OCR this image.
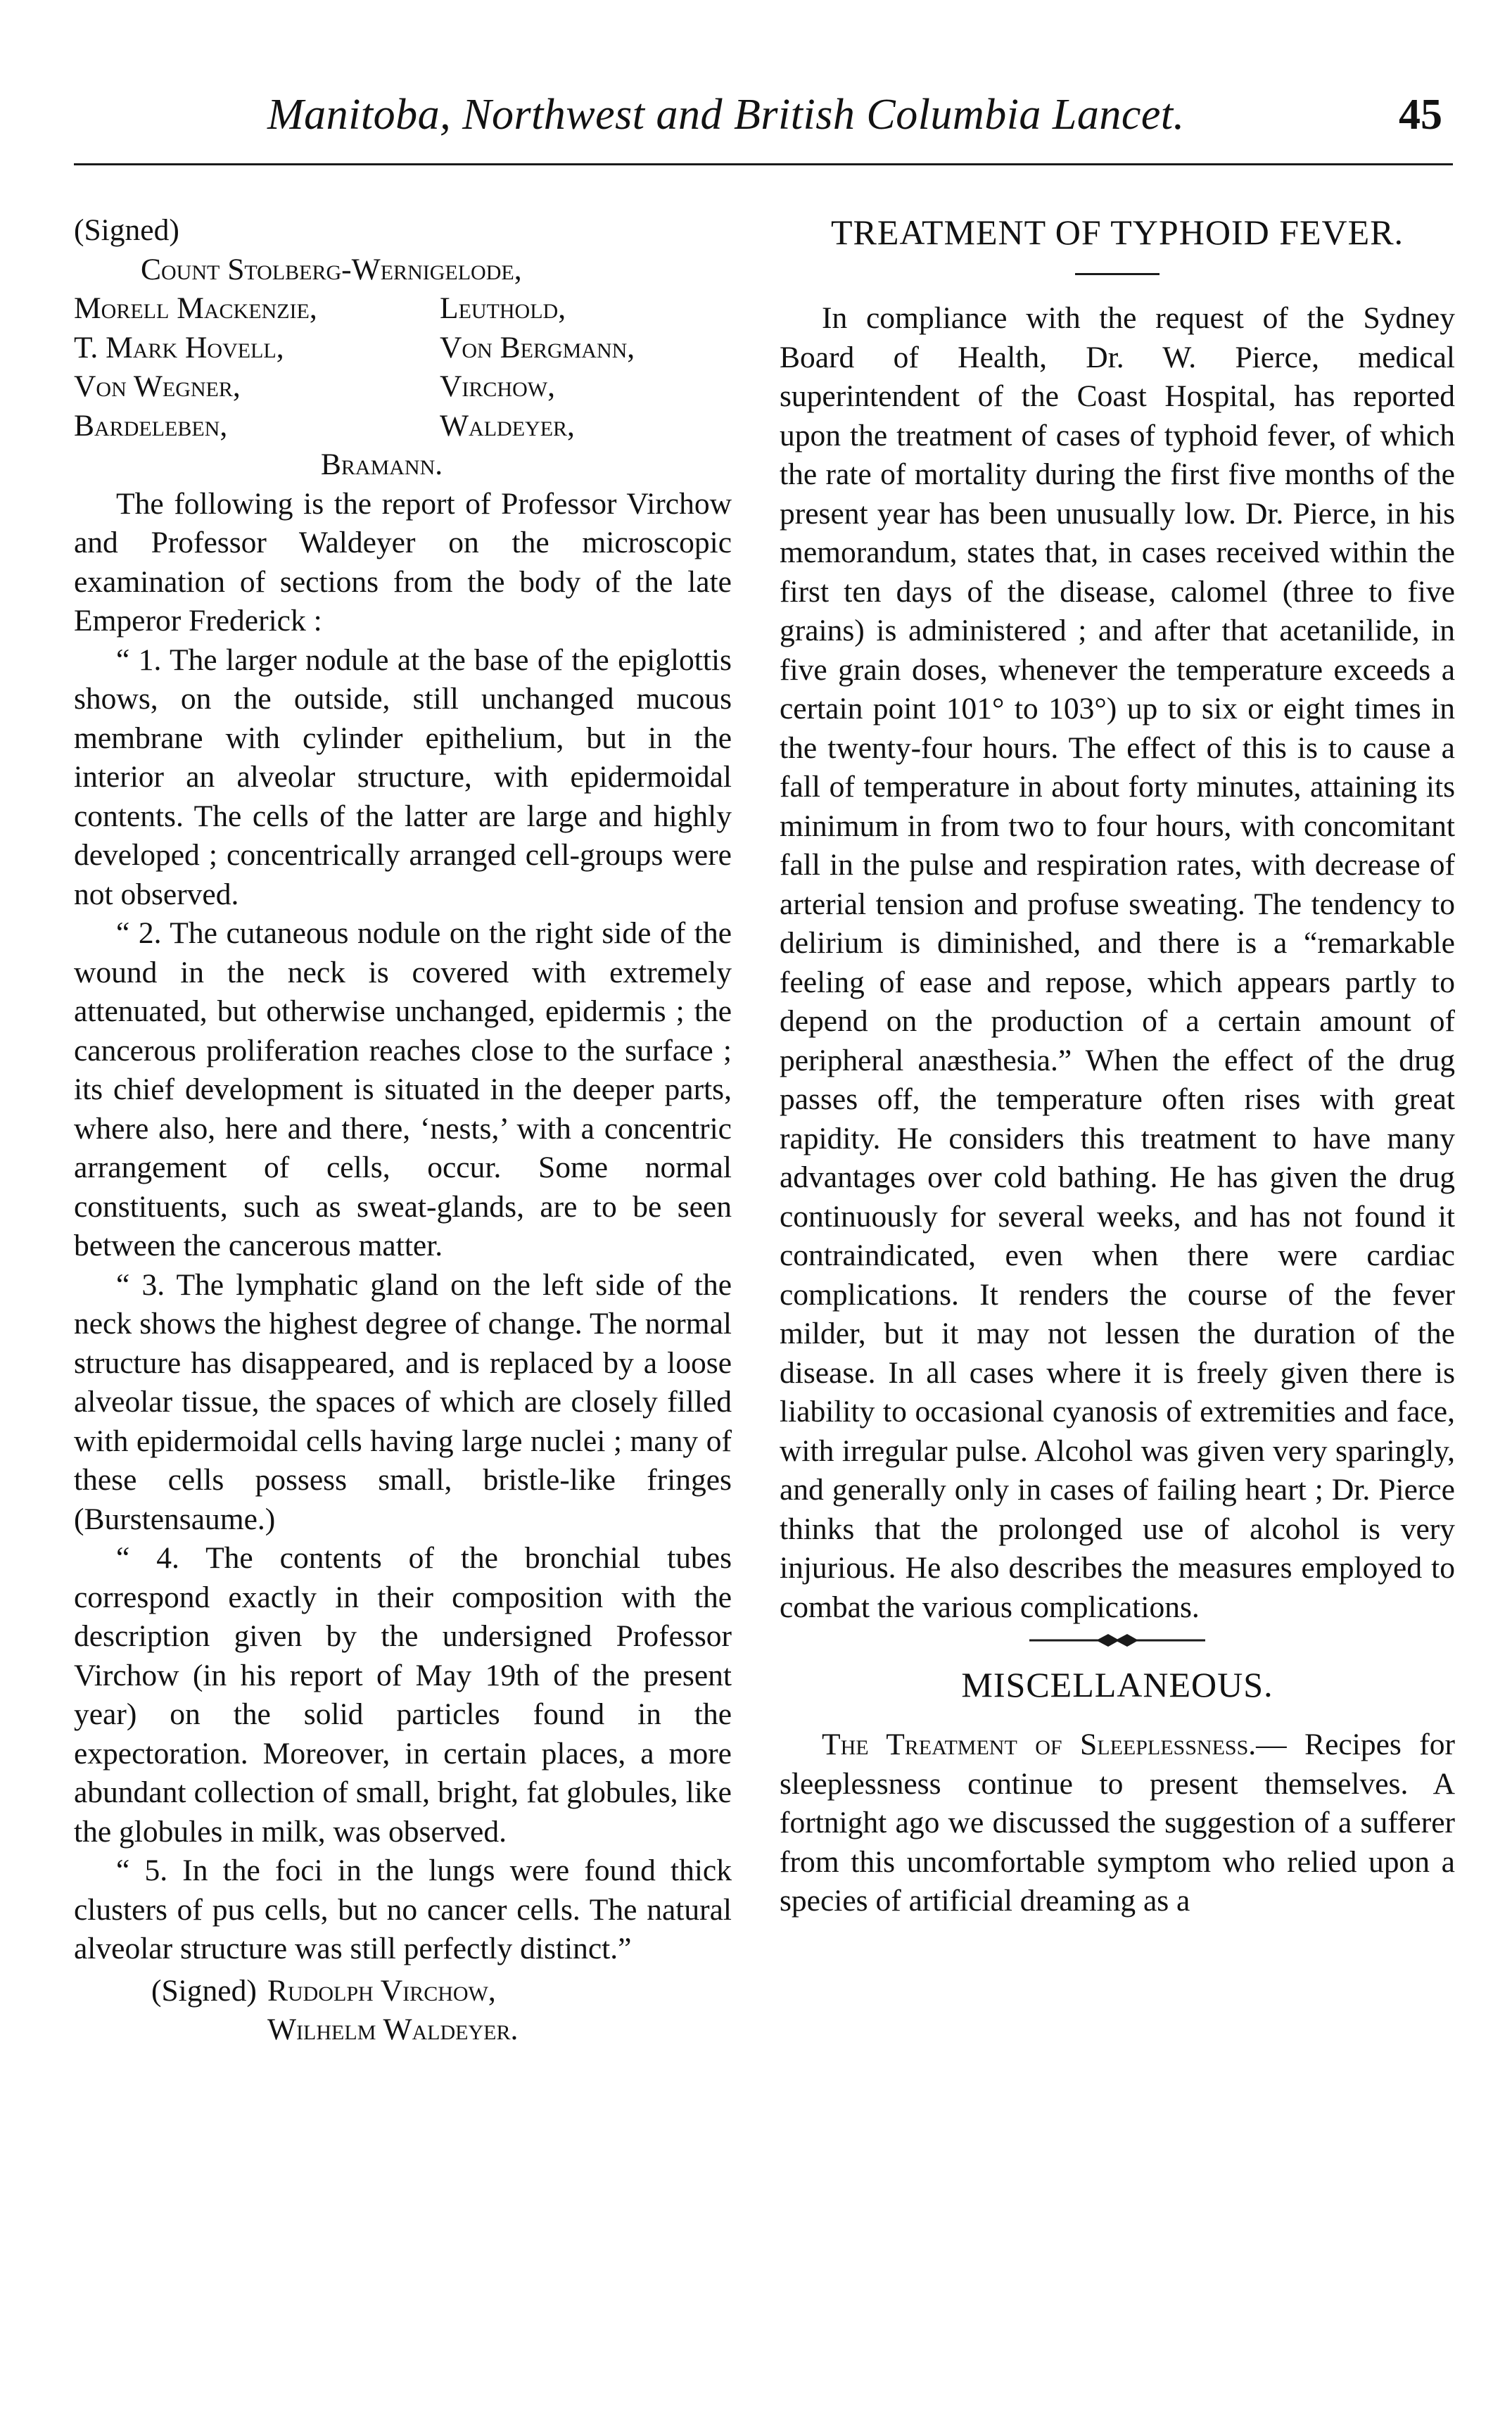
Manitoba, Northwest and British Columbia Lancet.	45
(Signed)
Count Stolberg-Wernigelode,
Morell Mackenzie,	Leuthold,
T. Mark Hovell,	Von Bergmann,
Von Wegner,	Virchow,
Bardeleben,	Waldeyer,
Bramann.

The following is the report of Professor Virchow and Professor Waldeyer on the microscopic examination of sections from the body of the late Emperor Frederick :

“ 1. The larger nodule at the base of the epiglottis shows, on the outside, still unchanged mucous membrane with cylinder epithelium, but in the interior an alveolar structure, with epidermoidal contents. The cells of the latter are large and highly developed ; concentrically arranged cell-groups were not observed.

“ 2. The cutaneous nodule on the right side of the wound in the neck is covered with extremely attenuated, but otherwise unchanged, epidermis ; the cancerous proliferation reaches close to the surface ; its chief development is situated in the deeper parts, where also, here and there, ‘nests,’ with a concentric arrangement of cells, occur. Some normal constituents, such as sweat-glands, are to be seen between the cancerous matter.

“ 3. The lymphatic gland on the left side of the neck shows the highest degree of change. The normal structure has disappeared, and is replaced by a loose alveolar tissue, the spaces of which are closely filled with epidermoidal cells having large nuclei ; many of these cells possess small, bristle-like fringes (Burstensaume.)

“ 4. The contents of the bronchial tubes correspond exactly in their composition with the description given by the undersigned Professor Virchow (in his report of May 19th of the present year) on the solid particles found in the expectoration. Moreover, in certain places, a more abundant collection of small, bright, fat globules, like the globules in milk, was observed.

“ 5. In the foci in the lungs were found thick clusters of pus cells, but no cancer cells. The natural alveolar structure was still perfectly distinct.”

(Signed) Rudolph Virchow,
Wilhelm Waldeyer.
TREATMENT OF TYPHOID FEVER.

In compliance with the request of the Sydney Board of Health, Dr. W. Pierce, medical superintendent of the Coast Hospital, has reported upon the treatment of cases of typhoid fever, of which the rate of mortality during the first five months of the present year has been unusually low. Dr. Pierce, in his memorandum, states that, in cases received within the first ten days of the disease, calomel (three to five grains) is administered ; and after that acetanilide, in five grain doses, whenever the temperature exceeds a certain point 101° to 103°) up to six or eight times in the twenty-four hours. The effect of this is to cause a fall of temperature in about forty minutes, attaining its minimum in from two to four hours, with concomitant fall in the pulse and respiration rates, with decrease of arterial tension and profuse sweating. The tendency to delirium is diminished, and there is a “remarkable feeling of ease and repose, which appears partly to depend on the production of a certain amount of peripheral anæsthesia.” When the effect of the drug passes off, the temperature often rises with great rapidity. He considers this treatment to have many advantages over cold bathing. He has given the drug continuously for several weeks, and has not found it contraindicated, even when there were cardiac complications. It renders the course of the fever milder, but it may not lessen the duration of the disease. In all cases where it is freely given there is liability to occasional cyanosis of extremities and face, with irregular pulse. Alcohol was given very sparingly, and generally only in cases of failing heart ; Dr. Pierce thinks that the prolonged use of alcohol is very injurious. He also describes the measures employed to combat the various complications.

MISCELLANEOUS.

The Treatment of Sleeplessness.— Recipes for sleeplessness continue to present themselves. A fortnight ago we discussed the suggestion of a sufferer from this uncomfortable symptom who relied upon a species of artificial dreaming as a
